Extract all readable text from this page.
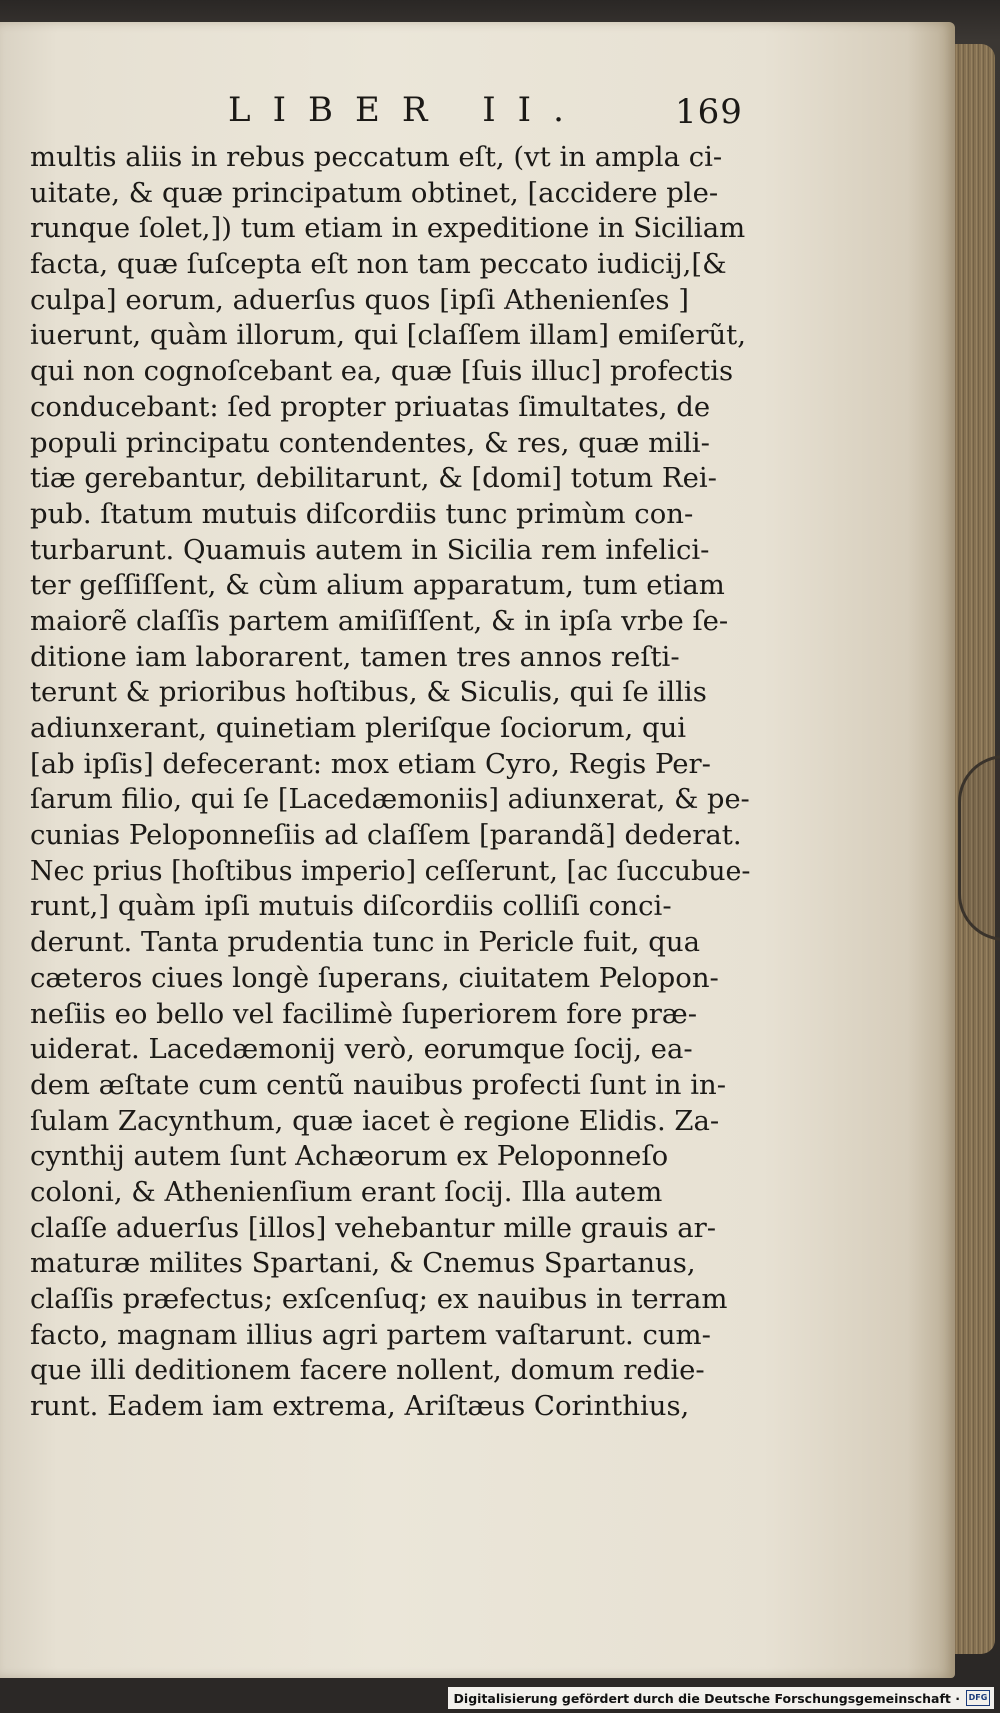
LIBER II.	169
multis aliis in rebus peccatum eſt, (vt in ampla ci-
uitate, & quæ principatum obtinet, [accidere ple-
runque ſolet,]) tum etiam in expeditione in Siciliam
facta, quæ ſuſcepta eſt non tam peccato iudicij,[&
culpa] eorum, aduerſus quos [ipſi Athenienſes ]
iuerunt, quàm illorum, qui [claſſem illam] emiſerũt,
qui non cognoſcebant ea, quæ [ſuis illuc] profectis
conducebant: ſed propter priuatas ſimultates, de
populi principatu contendentes, & res, quæ mili-
tiæ gerebantur, debilitarunt, & [domi] totum Rei-
pub. ſtatum mutuis diſcordiis tunc primùm con-
turbarunt. Quamuis autem in Sicilia rem infelici-
ter geſſiſſent, & cùm alium apparatum, tum etiam
maiorẽ claſſis partem amiſiſſent, & in ipſa vrbe ſe-
ditione iam laborarent, tamen tres annos reſti-
terunt & prioribus hoſtibus, & Siculis, qui ſe illis
adiunxerant, quinetiam pleriſque ſociorum, qui
[ab ipſis] defecerant: mox etiam Cyro, Regis Per-
ſarum filio, qui ſe [Lacedæmoniis] adiunxerat, & pe-
cunias Peloponneſiis ad claſſem [parandã] dederat.
Nec prius [hoſtibus imperio] ceſſerunt, [ac ſuccubue-
runt,] quàm ipſi mutuis diſcordiis colliſi conci-
derunt. Tanta prudentia tunc in Pericle fuit, qua
cæteros ciues longè ſuperans, ciuitatem Pelopon-
neſiis eo bello vel facilimè ſuperiorem fore præ-
uiderat. Lacedæmonij verò, eorumque ſocij, ea-
dem æſtate cum centũ nauibus profecti ſunt in in-
ſulam Zacynthum, quæ iacet è regione Elidis. Za-
cynthij autem ſunt Achæorum ex Peloponneſo
coloni, & Athenienſium erant ſocij. Illa autem
claſſe aduerſus [illos] vehebantur mille grauis ar-
maturæ milites Spartani, & Cnemus Spartanus,
claſſis præfectus; exſcenſuq; ex nauibus in terram
facto, magnam illius agri partem vaſtarunt. cum-
que illi deditionem facere nollent, domum redie-
runt. Eadem iam extrema, Ariſtæus Corinthius,
Digitalisierung gefördert durch die Deutsche Forschungsgemeinschaft ·	DFG
